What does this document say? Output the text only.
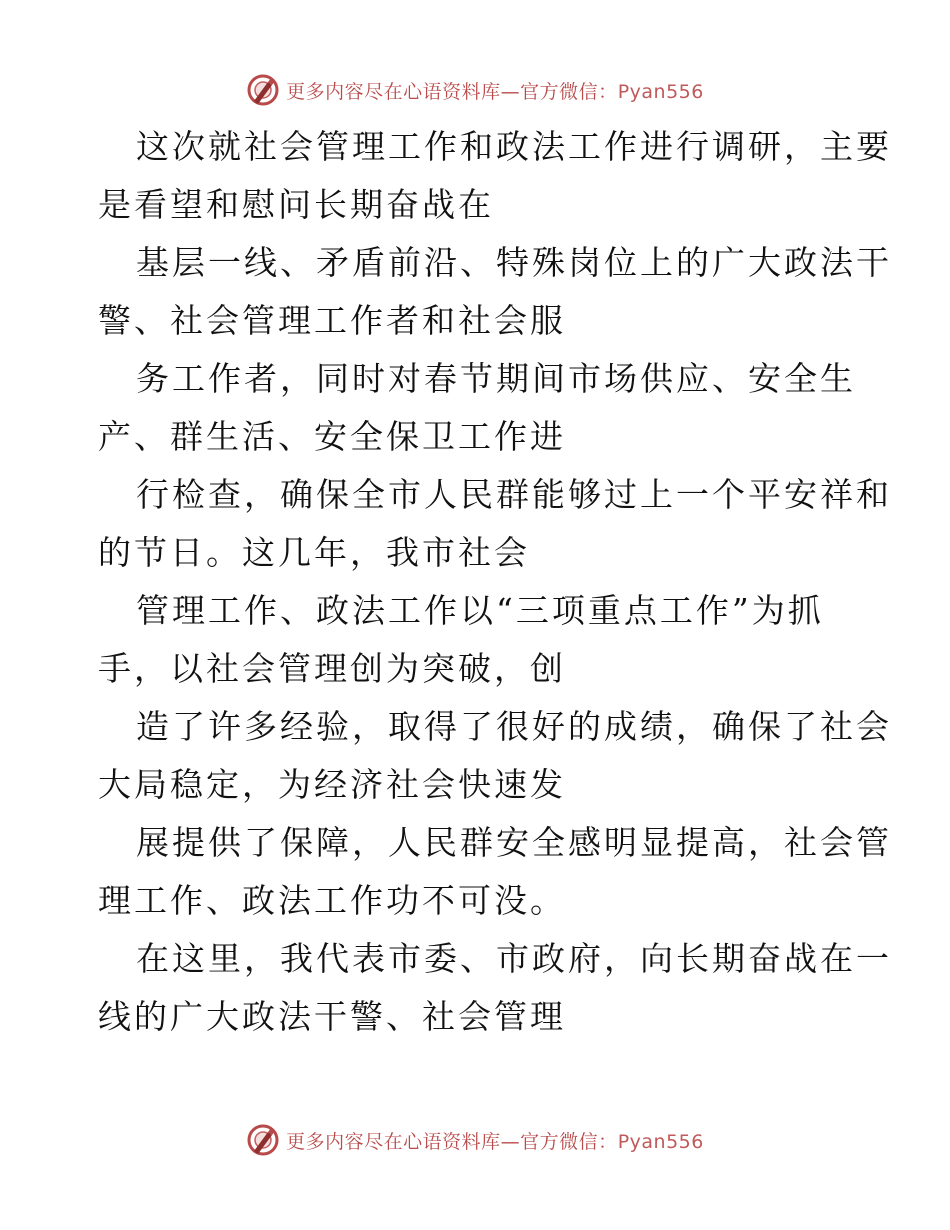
更多内容尽在心语资料库—官方微信：Pyan556
这次就社会管理工作和政法工作进行调研，主要
是看望和慰问长期奋战在
基层一线、矛盾前沿、特殊岗位上的广大政法干
警、社会管理工作者和社会服
务工作者，同时对春节期间市场供应、安全生
产、群生活、安全保卫工作进
行检查，确保全市人民群能够过上一个平安祥和
的节日。这几年，我市社会
管理工作、政法工作以“三项重点工作”为抓
手，以社会管理创为突破，创
造了许多经验，取得了很好的成绩，确保了社会
大局稳定，为经济社会快速发
展提供了保障，人民群安全感明显提高，社会管
理工作、政法工作功不可没。
在这里，我代表市委、市政府，向长期奋战在一
线的广大政法干警、社会管理
更多内容尽在心语资料库—官方微信：Pyan556
